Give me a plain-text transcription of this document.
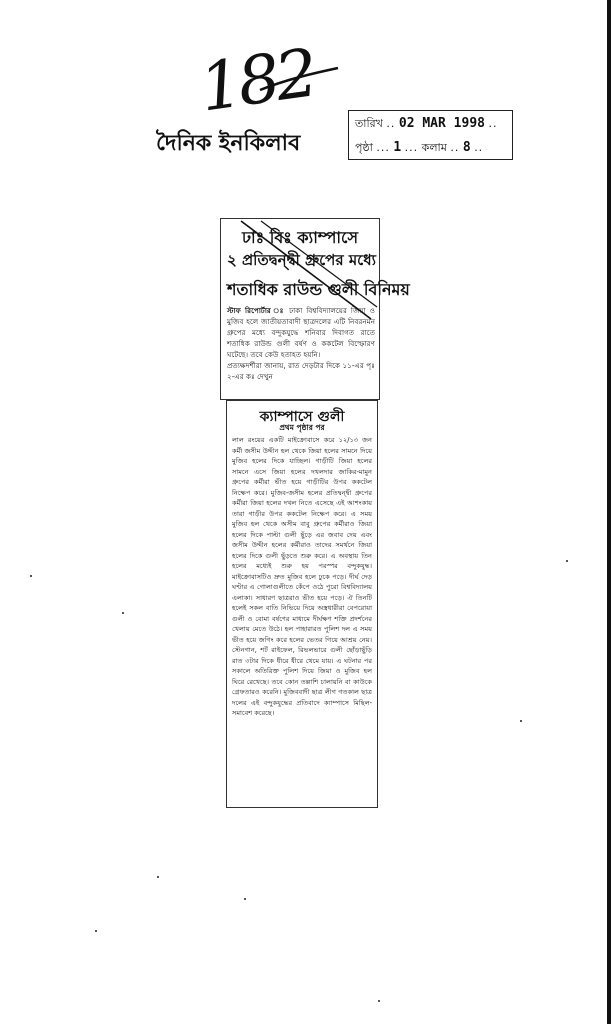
182
দৈনিক ইনকিলাব
তারিখ .. 02 MAR 1998 ..
পৃষ্ঠা ... 1 ... কলাম .. 8 ..
ঢাঃ বিঃ ক্যাম্পাসে
২ প্রতিদ্বন্দ্বী গ্রুপের মধ্যে
শতাধিক রাউন্ড গুলী বিনিময়
স্টাফ রিপোর্টার ঃ ঢাকা বিশ্ববিদ্যালয়ের জিয়া ও মুজিব হলে জাতীয়তাবাদী ছাত্রদলের এটি নিবরনমন গ্রুপের মধ্যে বন্দুকযুদ্ধে শনিবার দিবাগত রাতে শতাধিক রাউন্ড গুলী বর্ষণ ও ককটেল বিস্ফোরণ ঘটেছে। তবে কেউ হতাহত হয়নি।
প্রত্যক্ষদর্শীরা জানায়, রাত দেড়টার দিকে ১১-এর পৃঃ ২-এর কঃ দেখুন
ক্যাম্পাসে গুলী
প্রথম পৃষ্ঠার পর
লাল রংয়ের একটি মাইক্রোবাসে করে ১২/১৩ জন কর্মী জসীম উদ্দীন হল থেকে জিয়া হলের সামনে দিয়ে মুজিব হলের দিকে যাচ্ছিল। গাড়ীটি জিয়া হলের সামনে এসে জিয়া হলের দখলদার জাকির-মামুন গ্রুপের কর্মীরা ভীত হয়ে গাড়ীটির উপর ককটেল নিক্ষেপ করে। মুজিব-জসীম হলের প্রতিদ্বন্দ্বী গ্রুপের কর্মীরা জিয়া হলের দখল নিতে এসেছে এই আশংকায় তারা গাড়ীর উপর ককটেল নিক্ষেপ করে। এ সময় মুজিব হল থেকে অসীম বাবু গ্রুপের কর্মীরাও জিয়া হলের দিকে পাল্টা গুলী ছুঁড়ে এর জবাব দেয় এবং জসীম উদ্দীন হলের কর্মীরাও তাদের সমর্থনে জিয়া হলের দিকে গুলী ছুঁড়তে শুরু করে। এ অবস্থায় তিন হলের মধ্যেই শুরু হয় পরস্পর বন্দুকযুদ্ধ। মাইক্রোবাসটিও দ্রুত মুজিব হলে ঢুকে পড়ে। দীর্ঘ দেড় ঘণ্টার এ গোলাগুলীতে কেঁপে ওঠে পুরো বিশ্ববিদ্যালয় এলাকা। সাধারণ ছাত্ররাও ভীত হয়ে পড়ে। ঐ তিনটি হলেই সকল বাতি নিভিয়ে দিয়ে অস্ত্রধারীরা বেপরোয়া গুলী ও বোমা বর্ষণের মাধ্যমে দীর্ঘক্ষণ শক্তি প্রদর্শনের খেলায় মেতে উঠে। হল পাহারারত পুলিশ দল এ সময় ভীত হয়ে জগিং করে হলের ভেতর গিয়ে আশ্রয় নেয়। স্টেনগান, শর্ট রাইফেল, রিভলভারে গুলী ছোঁড়াছুঁড়ি রাত ৩টার দিকে ধীরে ধীরে থেমে যায়। এ ঘটনার পর সকালে অতিরিক্ত পুলিশ দিয়ে জিয়া ও মুজিব হল ঘিরে রেখেছে। তবে কোন তল্লাশি চালায়নি বা কাউকে গ্রেফতারও করেনি। মুজিববাদী ছাত্র লীগ গতকাল ছাত্র দলের এই বন্দুকযুদ্ধের প্রতিবাদে ক্যাম্পাসে মিছিল-সমাবেশ করেছে।
